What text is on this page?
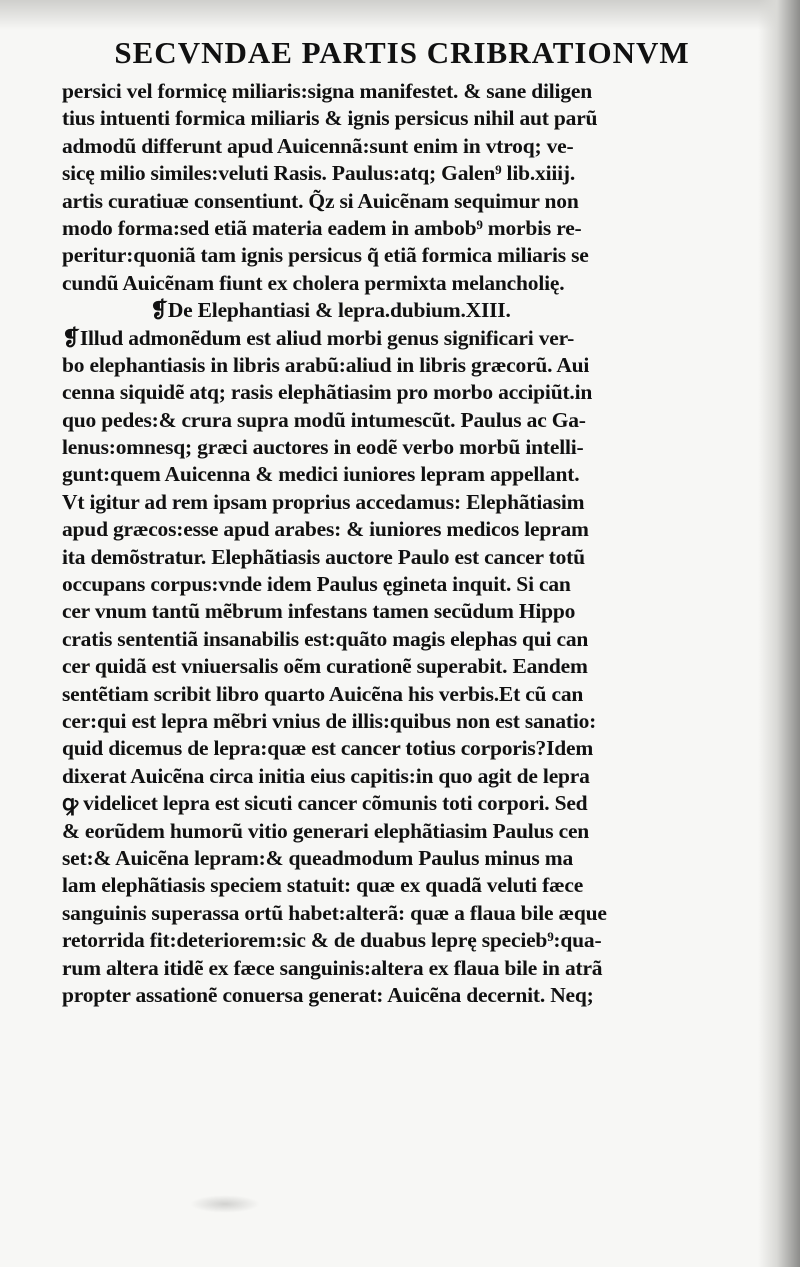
SECVNDAE PARTIS CRIBRATIONVM
persici vel formicę miliaris:signa manifestet. & sane diligen
tius intuenti formica miliaris & ignis persicus nihil aut parũ
admodũ differunt apud Auicennã:sunt enim in vtroq; ve-
sicę milio similes:veluti Rasis. Paulus:atq; Galen⁹ lib.xiiij.
artis curatiuæ consentiunt. Q̃z si Auicẽnam sequimur non
modo forma:sed etiã materia eadem in ambob⁹ morbis re-
peritur:quoniã tam ignis persicus q̃ etiã formica miliaris se
cundũ Auicẽnam fiunt ex cholera permixta melancholię.
❡De Elephantiasi & lepra.dubium.XIII.
❡Illud admonẽdum est aliud morbi genus significari ver-
bo elephantiasis in libris arabũ:aliud in libris græcorũ. Aui
cenna siquidẽ atq; rasis elephãtiasim pro morbo accipiũt.in
quo pedes:& crura supra modũ intumescũt. Paulus ac Ga-
lenus:omnesq; græci auctores in eodẽ verbo morbũ intelli-
gunt:quem Auicenna & medici iuniores lepram appellant.
Vt igitur ad rem ipsam proprius accedamus: Elephãtiasim
apud græcos:esse apud arabes: & iuniores medicos lepram
ita demõstratur. Elephãtiasis auctore Paulo est cancer totũ
occupans corpus:vnde idem Paulus ęgineta inquit. Si can
cer vnum tantũ mẽbrum infestans tamen secũdum Hippo
cratis sententiã insanabilis est:quãto magis elephas qui can
cer quidã est vniuersalis oẽm curationẽ superabit. Eandem
sentẽtiam scribit libro quarto Auicẽna his verbis.Et cũ can
cer:qui est lepra mẽbri vnius de illis:quibus non est sanatio:
quid dicemus de lepra:quæ est cancer totius corporis?Idem
dixerat Auicẽna circa initia eius capitis:in quo agit de lepra
ꝙ videlicet lepra est sicuti cancer cõmunis toti corpori. Sed
& eorũdem humorũ vitio generari elephãtiasim Paulus cen
set:& Auicẽna lepram:& queadmodum Paulus minus ma
lam elephãtiasis speciem statuit: quæ ex quadã veluti fæce
sanguinis superassa ortũ habet:alterã: quæ a flaua bile æque
retorrida fit:deteriorem:sic & de duabus leprę specieb⁹:qua-
rum altera itidẽ ex fæce sanguinis:altera ex flaua bile in atrã
propter assationẽ conuersa generat: Auicẽna decernit. Neq;
